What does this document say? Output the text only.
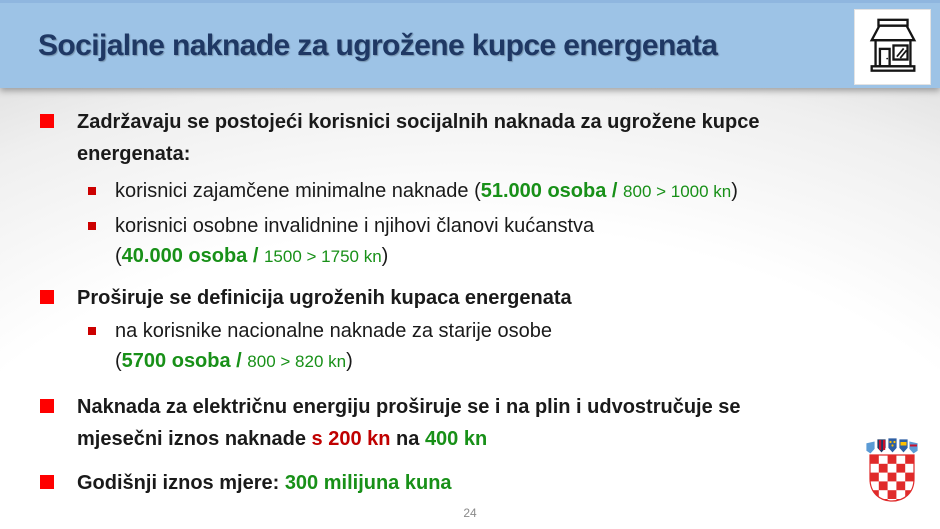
Socijalne naknade za ugrožene kupce energenata
Zadržavaju se postojeći korisnici socijalnih naknada za ugrožene kupce
energenata:
korisnici zajamčene minimalne naknade (51.000 osoba / 800 > 1000 kn)
korisnici osobne invalidnine i njihovi članovi kućanstva
(40.000 osoba / 1500 > 1750 kn)
Proširuje se definicija ugroženih kupaca energenata
na korisnike nacionalne naknade za starije osobe
(5700 osoba / 800 > 820 kn)
Naknada za električnu energiju proširuje se i na plin i udvostručuje se
mjesečni iznos naknade s 200 kn na 400 kn
Godišnji iznos mjere: 300 milijuna kuna
24
